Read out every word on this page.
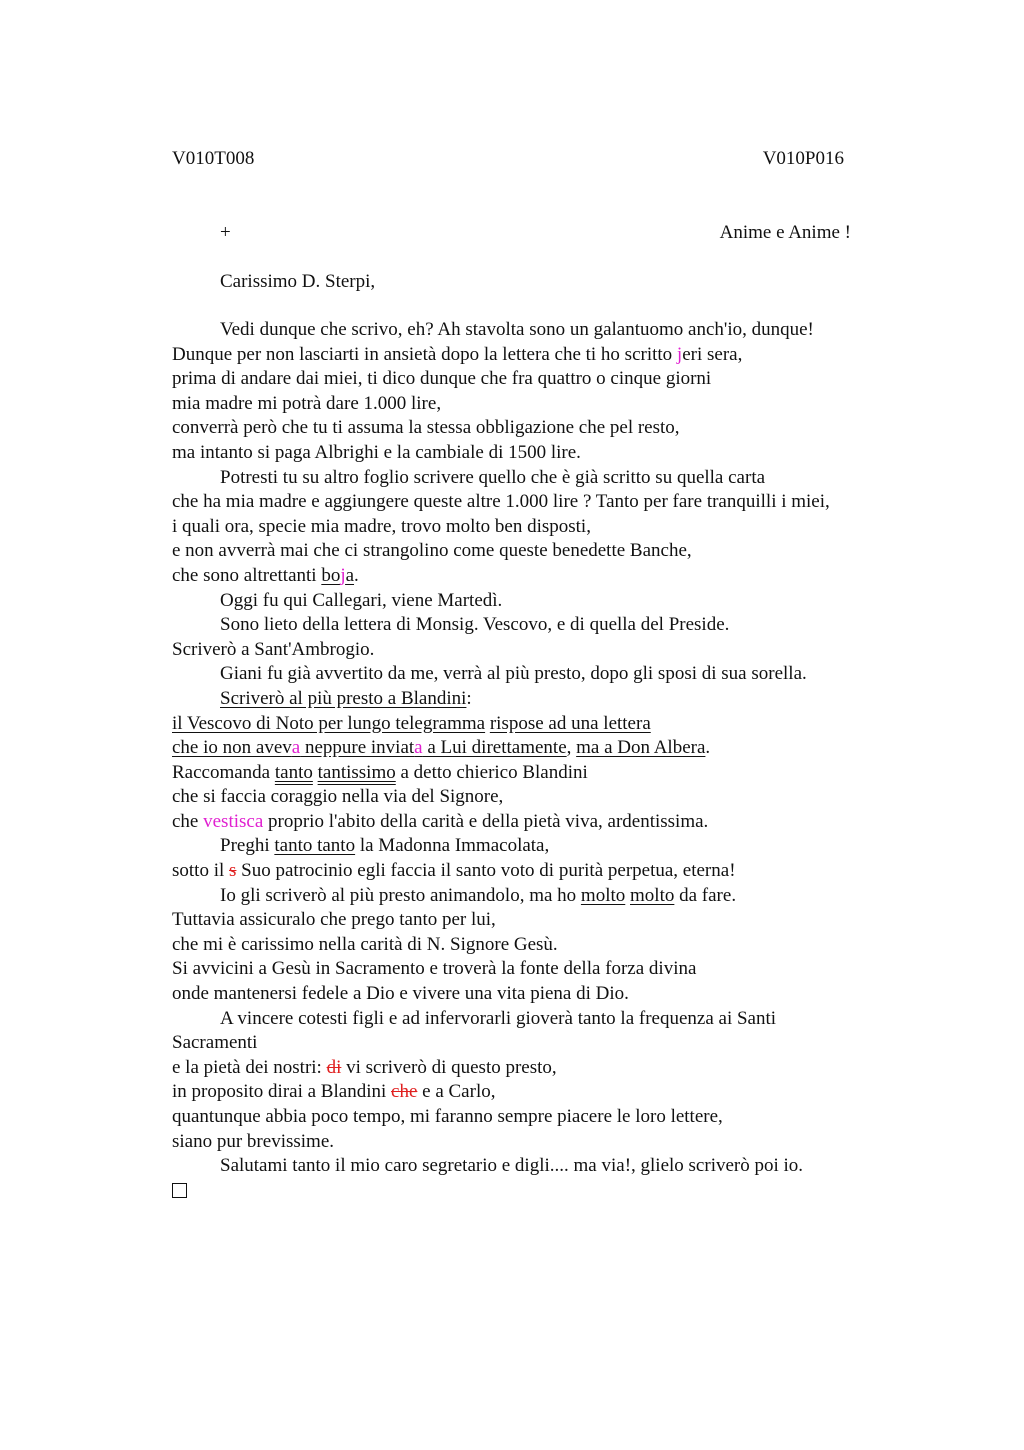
V010T008	V010P016
+	Anime e Anime !
Carissimo D. Sterpi,
Vedi dunque che scrivo, eh? Ah stavolta sono un galantuomo anch'io, dunque!
Dunque per non lasciarti in ansietà dopo la lettera che ti ho scritto jeri sera,
prima di andare dai miei, ti dico dunque che fra quattro o cinque giorni
mia madre mi potrà dare 1.000 lire,
converrà però che tu ti assuma la stessa obbligazione che pel resto,
ma intanto si paga Albrighi e la cambiale di 1500 lire.
Potresti tu su altro foglio scrivere quello che è già scritto su quella carta
che ha mia madre e aggiungere queste altre 1.000 lire ? Tanto per fare tranquilli i miei,
i quali ora, specie mia madre, trovo molto ben disposti,
e non avverrà mai che ci strangolino come queste benedette Banche,
che sono altrettanti boja.
Oggi fu qui Callegari, viene Martedì.
Sono lieto della lettera di Monsig. Vescovo, e di quella del Preside.
Scriverò a Sant'Ambrogio.
Giani fu già avvertito da me, verrà al più presto, dopo gli sposi di sua sorella.
Scriverò al più presto a Blandini:
il Vescovo di Noto per lungo telegramma rispose ad una lettera
che io non aveva neppure inviata a Lui direttamente, ma a Don Albera.
Raccomanda tanto tantissimo a detto chierico Blandini
che si faccia coraggio nella via del Signore,
che vestisca proprio l'abito della carità e della pietà viva, ardentissima.
Preghi tanto tanto la Madonna Immacolata,
sotto il s Suo patrocinio egli faccia il santo voto di purità perpetua, eterna!
Io gli scriverò al più presto animandolo, ma ho molto molto da fare.
Tuttavia assicuralo che prego tanto per lui,
che mi è carissimo nella carità di N. Signore Gesù.
Si avvicini a Gesù in Sacramento e troverà la fonte della forza divina
onde mantenersi fedele a Dio e vivere una vita piena di Dio.
A vincere cotesti figli e ad infervorarli gioverà tanto la frequenza ai Santi
Sacramenti
e la pietà dei nostri: di vi scriverò di questo presto,
in proposito dirai a Blandini che e a Carlo,
quantunque abbia poco tempo, mi faranno sempre piacere le loro lettere,
siano pur brevissime.
Salutami tanto il mio caro segretario e digli.... ma via!, glielo scriverò poi io.
